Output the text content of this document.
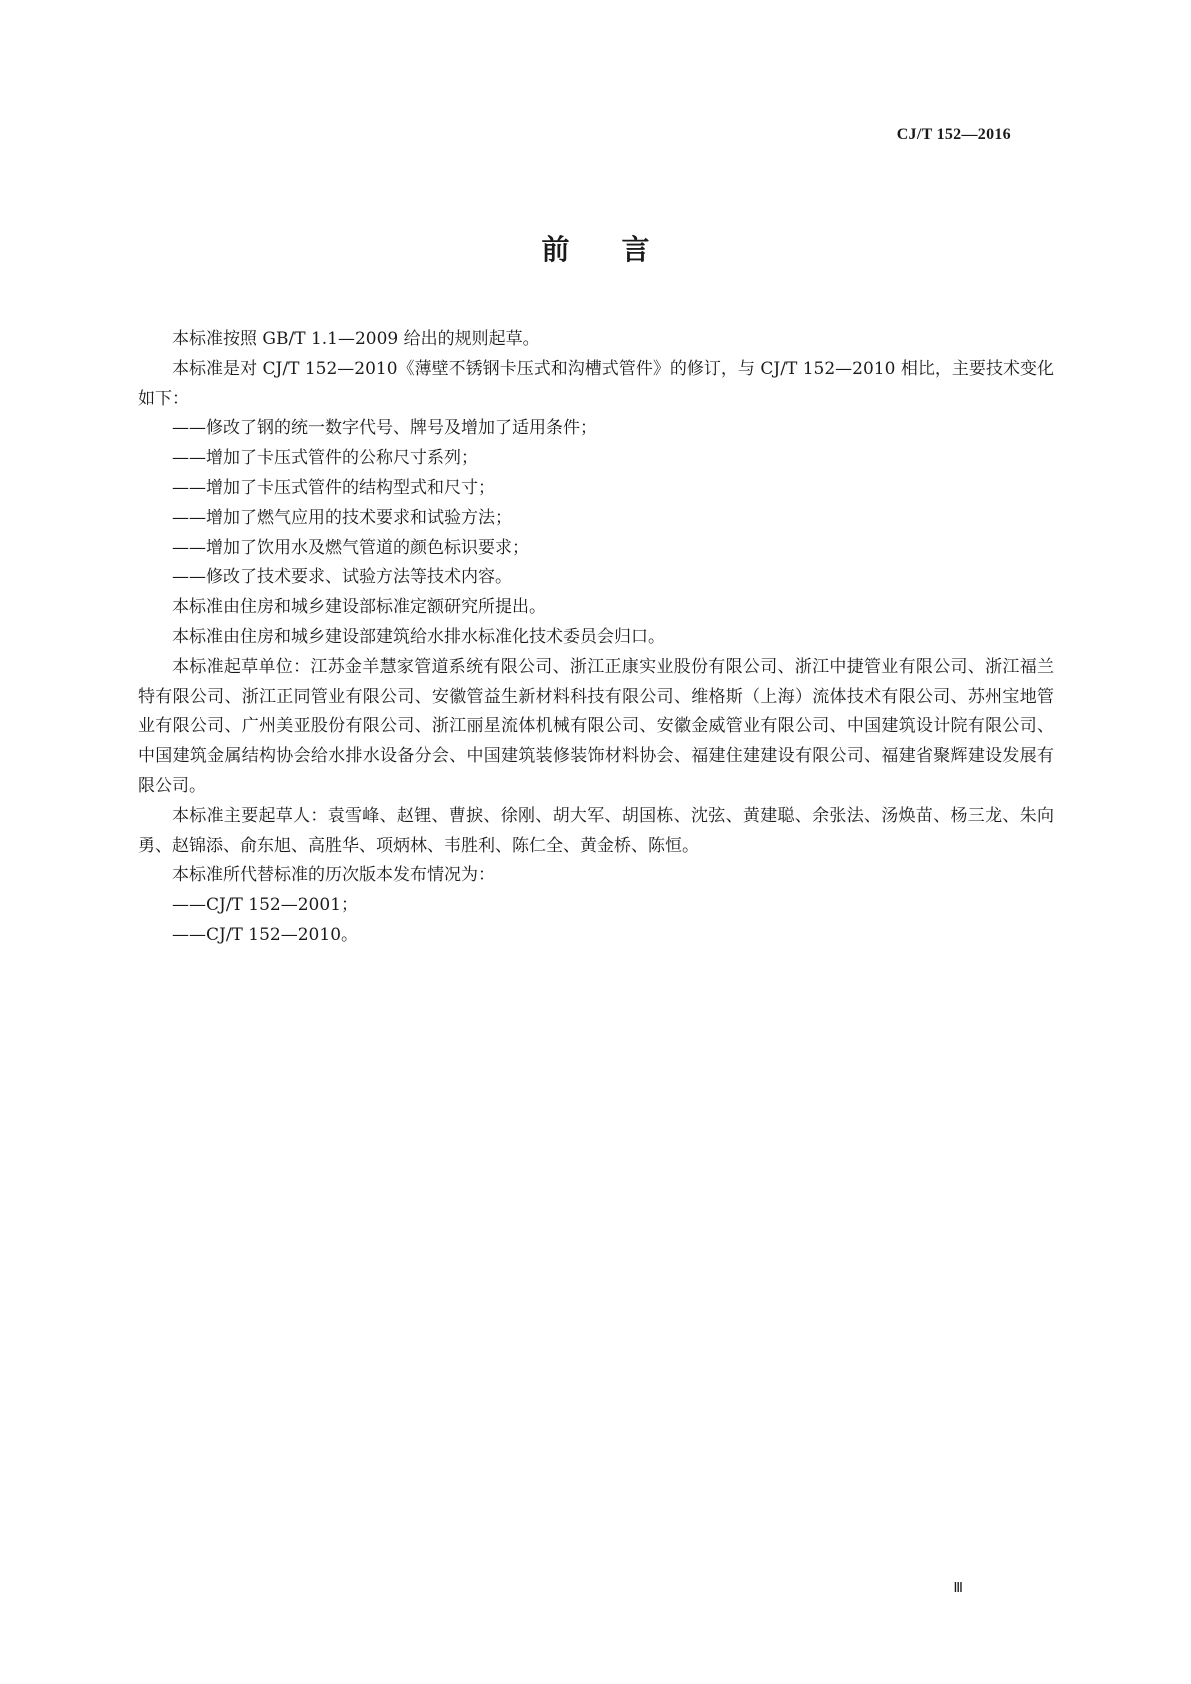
CJ/T 152—2016
前言

本标准按照 GB/T 1.1—2009 给出的规则起草。

本标准是对 CJ/T 152—2010《薄壁不锈钢卡压式和沟槽式管件》的修订，与 CJ/T 152—2010 相比，主要技术变化如下：

——修改了钢的统一数字代号、牌号及增加了适用条件；

——增加了卡压式管件的公称尺寸系列；

——增加了卡压式管件的结构型式和尺寸；

——增加了燃气应用的技术要求和试验方法；

——增加了饮用水及燃气管道的颜色标识要求；

——修改了技术要求、试验方法等技术内容。

本标准由住房和城乡建设部标准定额研究所提出。

本标准由住房和城乡建设部建筑给水排水标准化技术委员会归口。

本标准起草单位：江苏金羊慧家管道系统有限公司、浙江正康实业股份有限公司、浙江中捷管业有限公司、浙江福兰特有限公司、浙江正同管业有限公司、安徽管益生新材料科技有限公司、维格斯（上海）流体技术有限公司、苏州宝地管业有限公司、广州美亚股份有限公司、浙江丽星流体机械有限公司、安徽金威管业有限公司、中国建筑设计院有限公司、中国建筑金属结构协会给水排水设备分会、中国建筑装修装饰材料协会、福建住建建设有限公司、福建省聚辉建设发展有限公司。

本标准主要起草人：袁雪峰、赵锂、曹捩、徐刚、胡大军、胡国栋、沈弦、黄建聪、余张法、汤焕苗、杨三龙、朱向勇、赵锦添、俞东旭、高胜华、项炳林、韦胜利、陈仁全、黄金桥、陈恒。

本标准所代替标准的历次版本发布情况为：

——CJ/T 152—2001；

——CJ/T 152—2010。

Ⅲ
